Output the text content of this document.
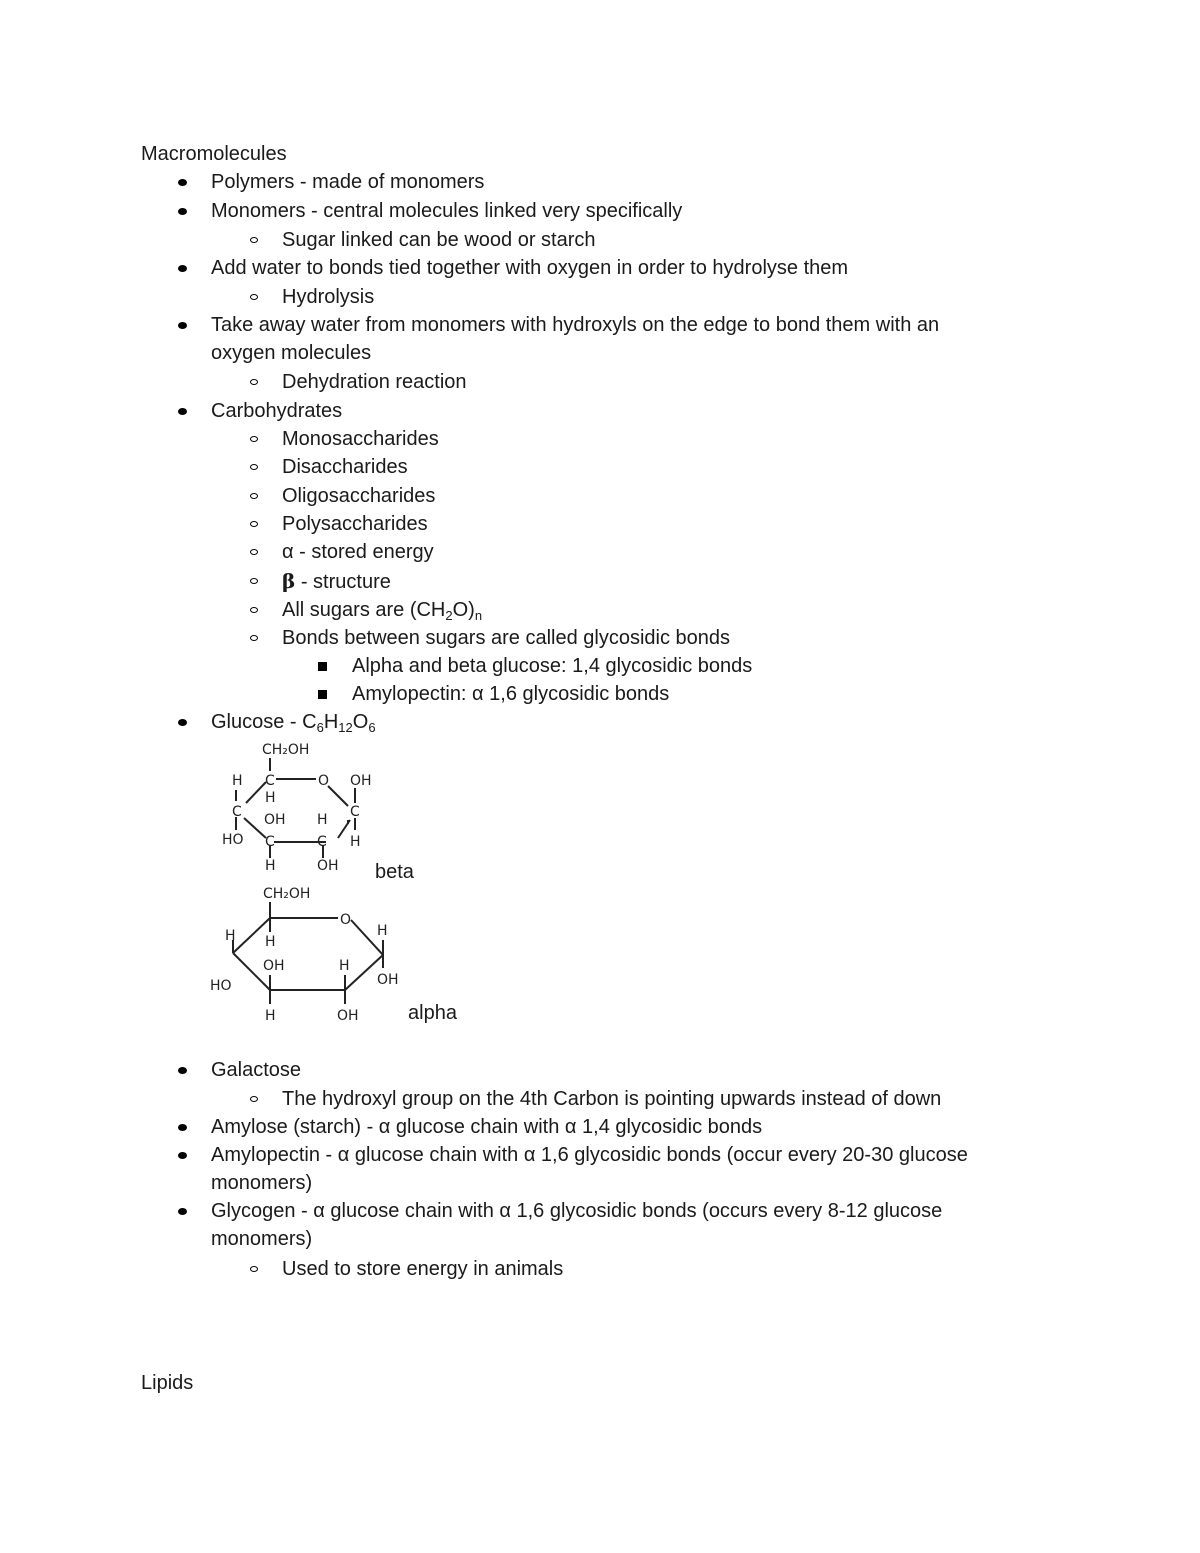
Macromolecules
Polymers - made of monomers
Monomers - central molecules linked very specifically
Sugar linked can be wood or starch
Add water to bonds tied together with oxygen in order to hydrolyse them
Hydrolysis
Take away water from monomers with hydroxyls on the edge to bond them with an
oxygen molecules
Dehydration reaction
Carbohydrates
Monosaccharides
Disaccharides
Oligosaccharides
Polysaccharides
α - stored energy
β - structure
All sugars are $(CH_2O)_n$
Bonds between sugars are called glycosidic bonds
Alpha and beta glucose: 1,4 glycosidic bonds
Amylopectin: α 1,6 glycosidic bonds
Glucose - $C_6H_{12}O_6$
CH₂OH
H C	O OH
H
C	C
OH H
HO C	C H
H	OH beta
CH₂OH
O
H
H H
OH	H
OH
HO
H	OH alpha
Galactose
The hydroxyl group on the 4th Carbon is pointing upwards instead of down
Amylose (starch) - α glucose chain with α 1,4 glycosidic bonds
Amylopectin - α glucose chain with α 1,6 glycosidic bonds (occur every 20-30 glucose
monomers)
Glycogen - α glucose chain with α 1,6 glycosidic bonds (occurs every 8-12 glucose
monomers)
Used to store energy in animals
Lipids
